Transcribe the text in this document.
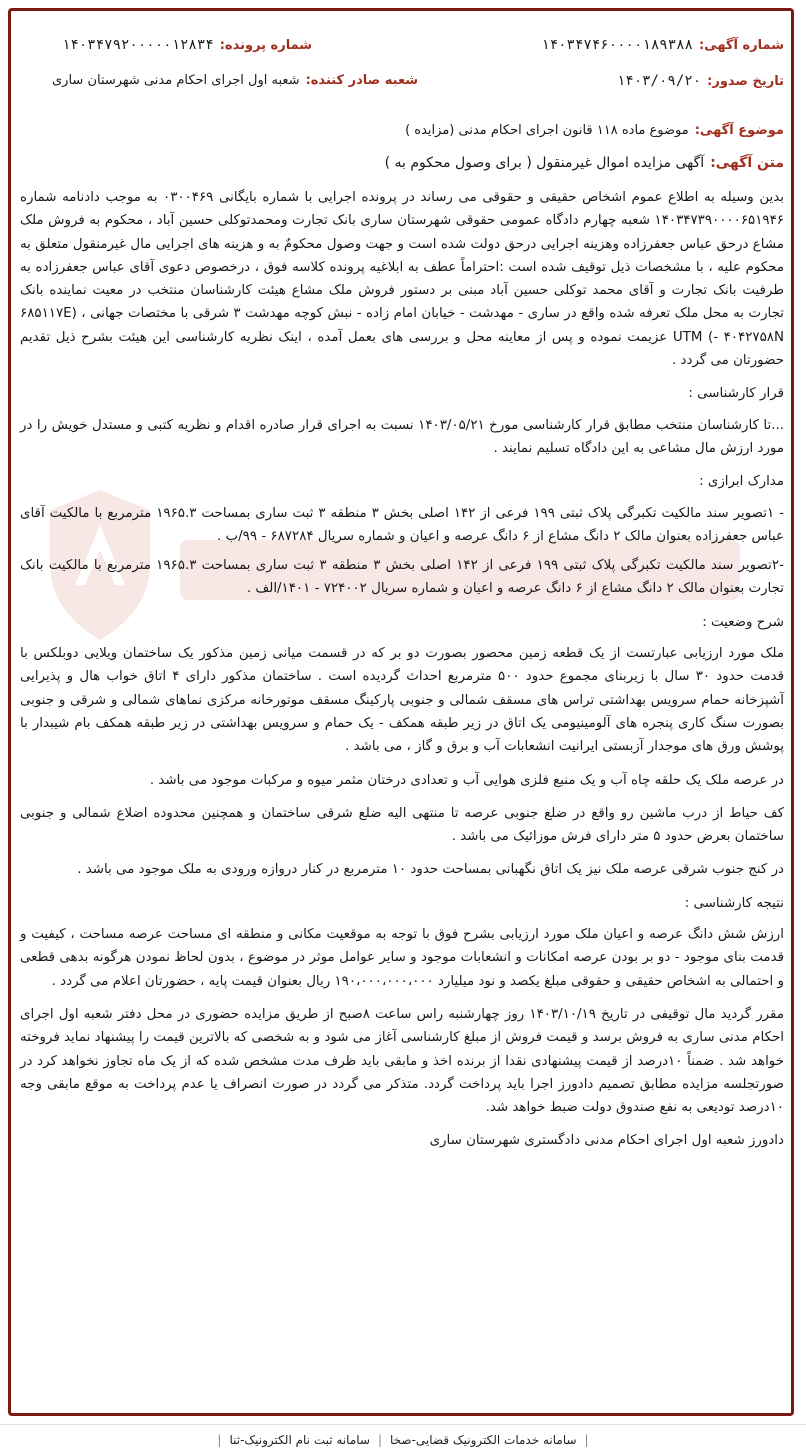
شماره آگهی:
۱۴۰۳۴۷۴۶۰۰۰۰۱۸۹۳۸۸
شماره پرونده:
۱۴۰۳۴۷۹۲۰۰۰۰۰۱۲۸۳۴
تاریخ صدور:
۱۴۰۳/۰۹/۲۰
شعبه صادر کننده:
شعبه اول اجرای احکام مدنی شهرستان ساری
موضوع آگهی:
موضوع ماده ۱۱۸ قانون اجرای احکام مدنی (مزایده )
متن آگهی:
آگهی مزایده اموال غیرمنقول ( برای وصول محکوم به )

بدین وسیله به اطلاع عموم اشخاص حقیقی و حقوقی می رساند در پرونده اجرایی با شماره بایگانی ۰۳۰۰۴۶۹ به موجب دادنامه شماره ۱۴۰۳۴۷۳۹۰۰۰۰۶۵۱۹۴۶ شعبه چهارم دادگاه عمومی حقوقی شهرستان ساری بانک تجارت ومحمدتوکلی حسین آباد ، محکوم به فروش ملک مشاع درحق عباس جعفرزاده وهزینه اجرایی درحق دولت شده است و جهت وصول محکومٌ به و هزینه های اجرایی مال غیرمنقول متعلق به محکوم علیه ، با مشخصات ذیل توقیف شده است :احتراماً عطف به ابلاغیه پرونده کلاسه فوق ، درخصوص دعوی آقای عباس جعفرزاده به طرفیت بانک تجارت و آقای محمد توکلی حسین آباد مبنی بر دستور فروش ملک مشاع هیئت کارشناسان منتخب در معیت نماینده بانک تجارت به محل ملک تعرفه شده واقع در ساری - مهدشت - خیابان امام زاده - نبش کوچه مهدشت ۳ شرقی با مختصات جهانی ، (۶۸۵۱۱۷E - ۴۰۴۲۷۵۸N) UTM عزیمت نموده و پس از معاینه محل و بررسی های بعمل آمده ، اینک نظریه کارشناسی این هیئت بشرح ذیل تقدیم حضورتان می گردد .

قرار کارشناسی :

...تا کارشناسان منتخب مطابق قرار کارشناسی مورخ ۱۴۰۳/۰۵/۲۱ نسبت به اجرای قرار صادره اقدام و نظریه کتبی و مستدل خویش را در مورد ارزش مال مشاعی به این دادگاه تسلیم نمایند .

مدارک ابرازی :

- ۱تصویر سند مالکیت تکبرگی پلاک ثبتی ۱۹۹ فرعی از ۱۴۲ اصلی بخش ۳ منطقه ۳ ثبت ساری بمساحت ۱۹۶۵.۳ مترمربع با مالکیت آقای عباس جعفرزاده بعنوان مالک ۲ دانگ مشاع از ۶ دانگ عرصه و اعیان و شماره سریال ۶۸۷۲۸۴ - ۹۹/ب .

-۲تصویر سند مالکیت تکبرگی پلاک ثبتی ۱۹۹ فرعی از ۱۴۲ اصلی بخش ۳ منطقه ۳ ثبت ساری بمساحت ۱۹۶۵.۳ مترمربع با مالکیت بانک تجارت بعنوان مالک ۲ دانگ مشاع از ۶ دانگ عرصه و اعیان و شماره سریال ۷۲۴۰۰۲ - ۱۴۰۱/الف .

شرح وضعیت :

ملک مورد ارزیابی عبارتست از یک قطعه زمین محصور بصورت دو بر که در قسمت میانی زمین مذکور یک ساختمان ویلایی دوبلکس با قدمت حدود ۳۰ سال با زیربنای مجموع حدود ۵۰۰ مترمربع احداث گردیده است . ساختمان مذکور دارای ۴ اتاق خواب هال و پذیرایی آشپزخانه حمام سرویس بهداشتی تراس های مسقف شمالی و جنوبی پارکینگ مسقف موتورخانه مرکزی نماهای شمالی و شرقی و جنوبی بصورت سنگ کاری پنجره های آلومینیومی یک اتاق در زیر طبقه همکف - یک حمام و سرویس بهداشتی در زیر طبقه همکف بام شیبدار با پوشش ورق های موجدار آزبستی ایرانیت انشعابات آب و برق و گاز ، می باشد .

در عرصه ملک یک حلقه چاه آب و یک منبع فلزی هوایی آب و تعدادی درختان مثمر میوه و مرکبات موجود می باشد .

کف حیاط از درب ماشین رو واقع در ضلع جنوبی عرصه تا منتهی الیه ضلع شرقی ساختمان و همچنین محدوده اضلاع شمالی و جنوبی ساختمان بعرض حدود ۵ متر دارای فرش موزائیک می باشد .

در کنج جنوب شرقی عرصه ملک نیز یک اتاق نگهبانی بمساحت حدود ۱۰ مترمربع در کنار دروازه ورودی به ملک موجود می باشد .

نتیجه کارشناسی :

ارزش شش دانگ عرصه و اعیان ملک مورد ارزیابی بشرح فوق با توجه به موقعیت مکانی و منطقه ای مساحت عرصه مساحت ، کیفیت و قدمت بنای موجود - دو بر بودن عرصه امکانات و انشعابات موجود و سایر عوامل موثر در موضوع ، بدون لحاظ نمودن هرگونه بدهی قطعی و احتمالی به اشخاص حقیقی و حقوقی مبلغ یکصد و نود میلیارد ۱۹۰،۰۰۰،۰۰۰،۰۰۰ ریال بعنوان قیمت پایه ، حضورتان اعلام می گردد .

مقرر گردید مال توقیفی در تاریخ ۱۴۰۳/۱۰/۱۹ روز چهارشنبه راس ساعت ۸صبح از طریق مزایده حضوری در محل دفتر شعبه اول اجرای احکام مدنی ساری به فروش برسد و قیمت فروش از مبلغ کارشناسی آغاز می شود و به شخصی که بالاترین قیمت را پیشنهاد نماید فروخته خواهد شد . ضمناً ۱۰درصد از قیمت پیشنهادی نقدا از برنده اخذ و مابقی باید ظرف مدت مشخص شده که از یک ماه تجاوز نخواهد کرد در صورتجلسه مزایده مطابق تصمیم دادورز اجرا باید پرداخت گردد. متذکر می گردد در صورت انصراف یا عدم پرداخت به موقع مابقی وجه ۱۰درصد تودیعی به نفع صندوق دولت ضبط خواهد شد.

دادورز شعبه اول اجرای احکام مدنی دادگستری شهرستان ساری

|
سامانه خدمات الکترونیک قضایی-صخا
|
سامانه ثبت نام الکترونیک-ثنا
|
